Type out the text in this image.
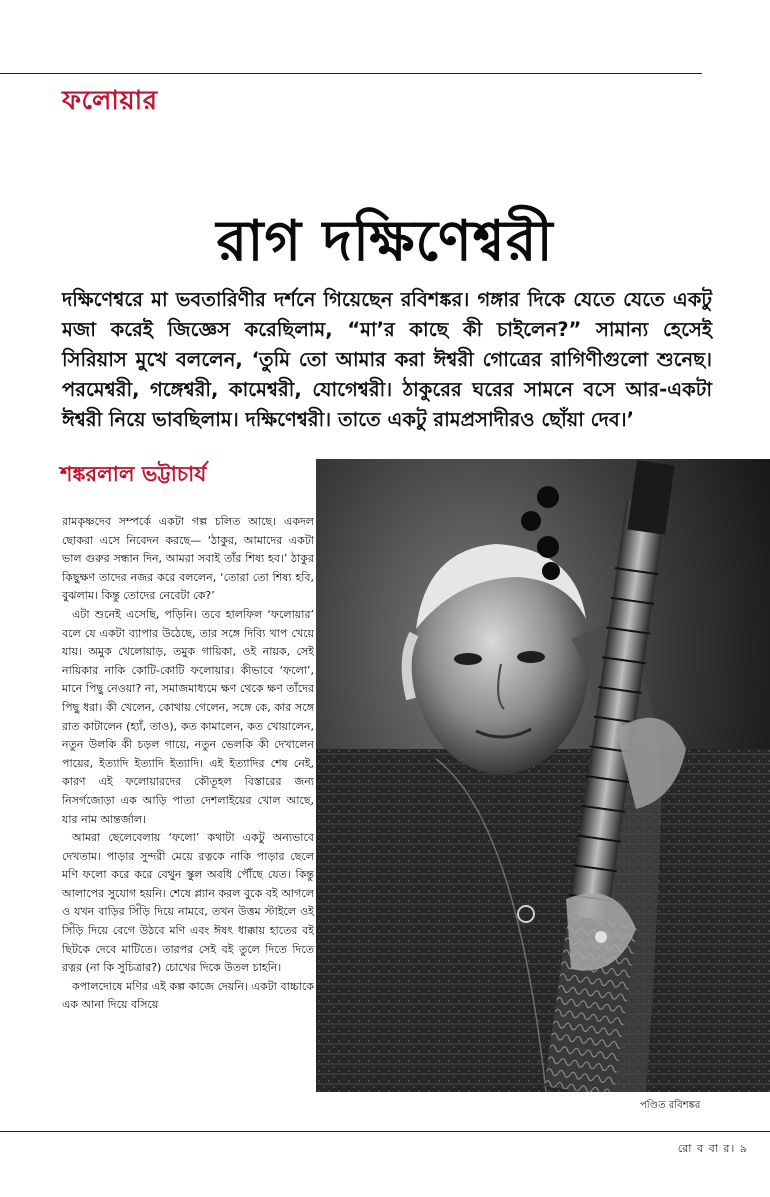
ফলোয়ার
রাগ দক্ষিণেশ্বরী

দক্ষিণেশ্বরে মা ভবতারিণীর দর্শনে গিয়েছেন রবিশঙ্কর। গঙ্গার দিকে যেতে যেতে একটু মজা করেই জিজ্ঞেস করেছিলাম, “মা’র কাছে কী চাইলেন?” সামান্য হেসেই সিরিয়াস মুখে বললেন, ‘তুমি তো আমার করা ঈশ্বরী গোত্রের রাগিণীগুলো শুনেছ। পরমেশ্বরী, গঙ্গেশ্বরী, কামেশ্বরী, যোগেশ্বরী। ঠাকুরের ঘরের সামনে বসে আর-একটা ঈশ্বরী নিয়ে ভাবছিলাম। দক্ষিণেশ্বরী। তাতে একটু রামপ্রসাদীরও ছোঁয়া দেব।’

শঙ্করলাল ভট্টাচার্য

রামকৃষ্ণদেব সম্পর্কে একটা গল্প চলিত আছে। একদল ছোকরা এসে নিবেদন করছে— ‘ঠাকুর, আমাদের একটা ভাল গুরুর সন্ধান দিন, আমরা সবাই তাঁর শিষ্য হব।’ ঠাকুর কিছুক্ষণ তাদের নজর করে বললেন, ‘তোরা তো শিষ্য হবি, বুঝলাম। কিন্তু তোদের নেবেটা কে?’

এটা শুনেই এসেছি, পড়িনি। তবে হালফিল ‘ফলোয়ার’ বলে যে একটা ব্যাপার উঠেছে, তার সঙ্গে দিব্যি খাপ খেয়ে যায়। অমুক খেলোয়াড়, তমুক গায়িকা, ওই নায়ক, সেই নায়িকার নাকি কোটি-কোটি ফলোয়ার। কীভাবে ‘ফলো’, মানে পিছু নেওয়া? না, সমাজমাধ্যমে ক্ষণ থেকে ক্ষণ তাঁদের পিছু ধরা। কী খেলেন, কোথায় গেলেন, সঙ্গে কে, কার সঙ্গে রাত কাটালেন (হ্যাঁ, তাও), কত কামালেন, কত খোয়ালেন, নতুন উলকি কী চড়ল গায়ে, নতুন ভেলকি কী দেখালেন পায়ের, ইত্যাদি ইত্যাদি ইত্যাদি। এই ইত্যাদির শেষ নেই, কারণ এই ফলোয়ারদের কৌতূহল বিস্তারের জন্য নিসর্গজোড়া এক আড়ি পাতা দেশলাইয়ের খোল আছে, যার নাম আন্তর্জাল।

আমরা ছেলেবেলায় ‘ফলো’ কথাটা একটু অন্যভাবে দেখতাম। পাড়ার সুন্দরী মেয়ে রত্নকে নাকি পাড়ার ছেলে মণি ফলো করে করে বেথুন স্কুল অবধি পৌঁছে যেত। কিন্তু আলাপের সুযোগ হয়নি। শেষে প্ল্যান করল বুকে বই আগলে ও যখন বাড়ির সিঁড়ি দিয়ে নামবে, তখন উত্তম স্টাইলে ওই সিঁড়ি দিয়ে বেগে উঠবে মণি এবং ঈষৎ ধাক্কায় হাতের বই ছিটকে দেবে মাটিতে। তারপর সেই বই তুলে দিতে দিতে রত্নর (না কি সুচিত্রার?) চোখের দিকে উতল চাহনি।

কপালদোষে মণির এই কল্প কাজে দেয়নি। একটা বাচ্চাকে এক আনা দিয়ে বসিয়ে

পণ্ডিত রবিশঙ্কর
রো ব বা র। ৯
